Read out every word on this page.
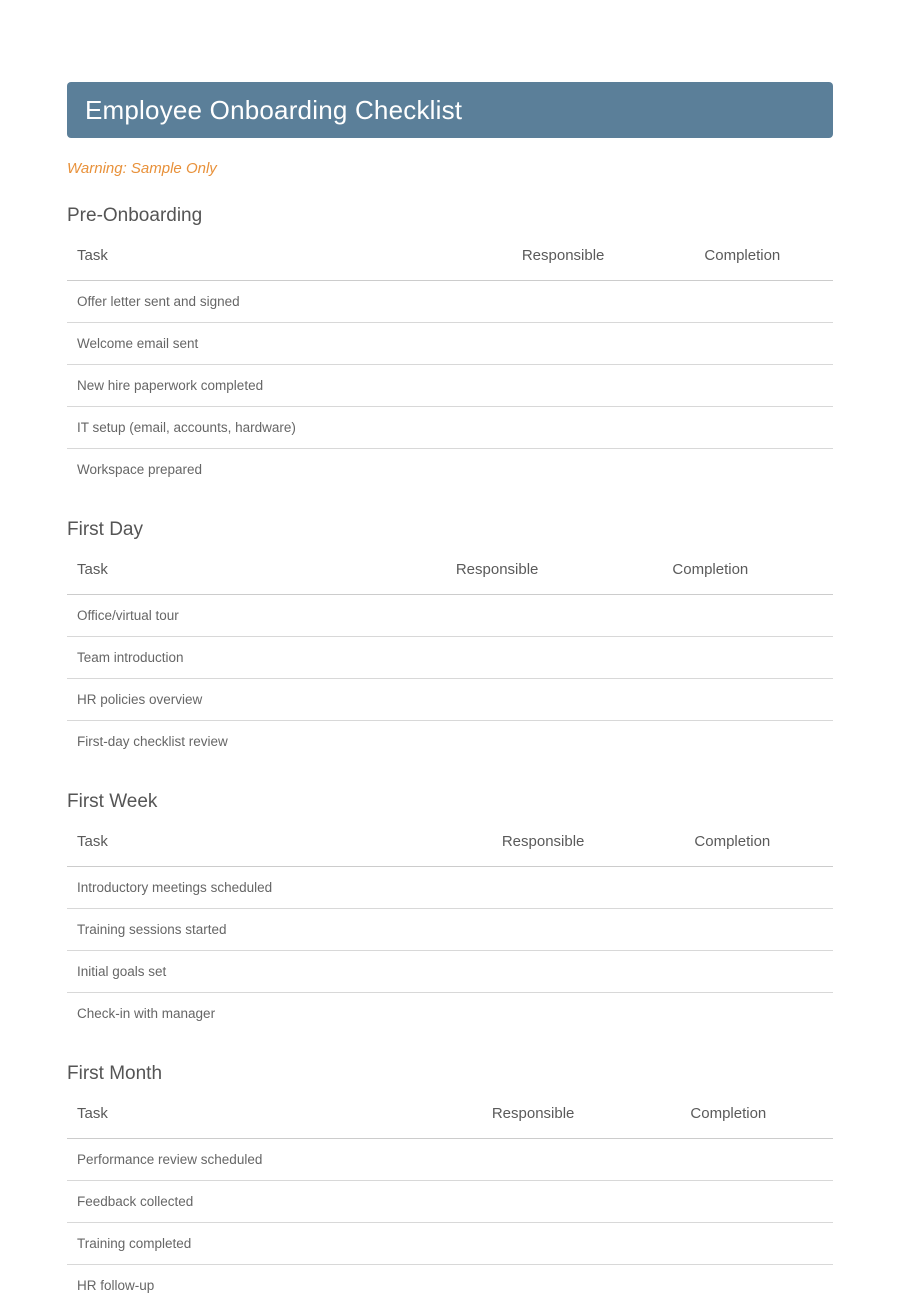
Employee Onboarding Checklist
Warning: Sample Only
Pre-Onboarding
Task	Responsible	Completion
Offer letter sent and signed		
Welcome email sent		
New hire paperwork completed		
IT setup (email, accounts, hardware)		
Workspace prepared		
First Day
Task	Responsible	Completion
Office/virtual tour		
Team introduction		
HR policies overview		
First-day checklist review		
First Week
Task	Responsible	Completion
Introductory meetings scheduled		
Training sessions started		
Initial goals set		
Check-in with manager		
First Month
Task	Responsible	Completion
Performance review scheduled		
Feedback collected		
Training completed		
HR follow-up		
